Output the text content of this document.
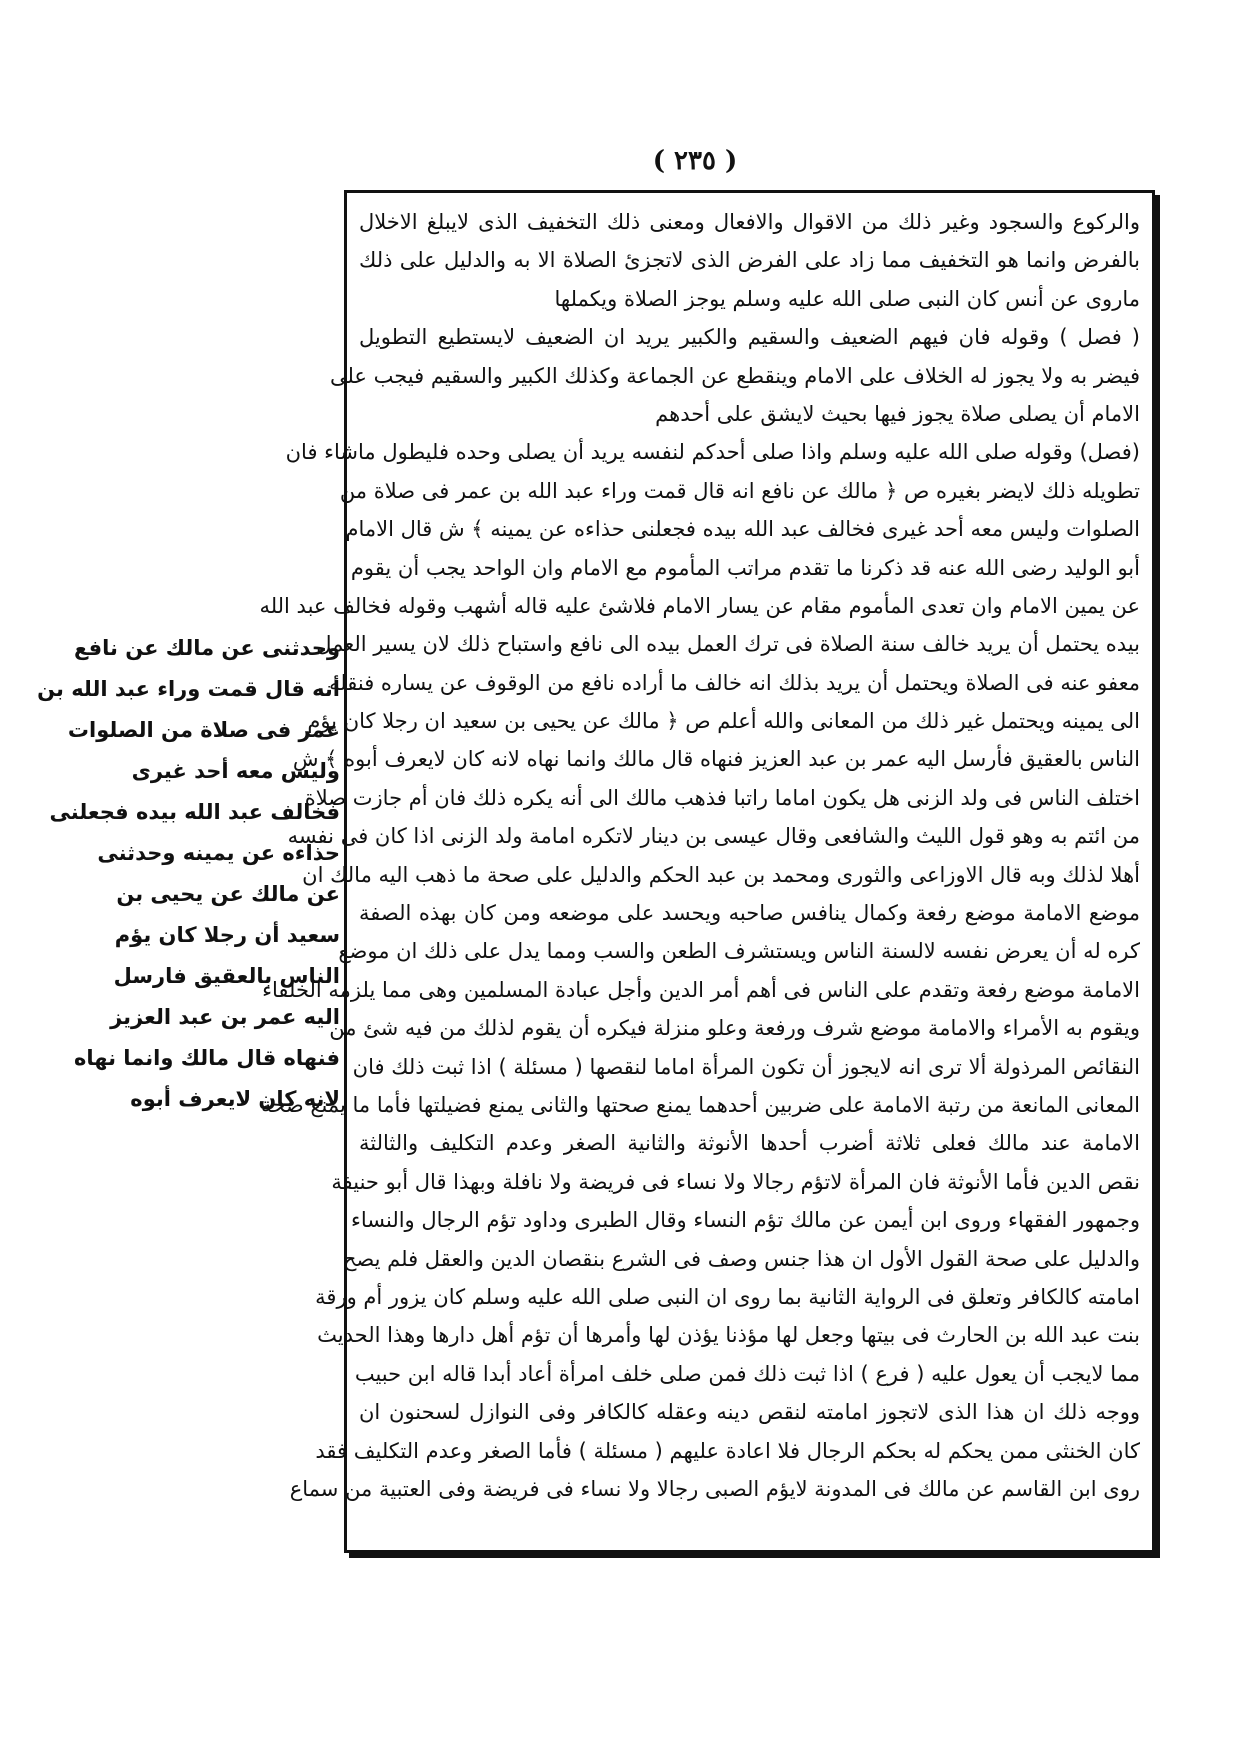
( ٢٣٥ )
والركوع والسجود وغير ذلك من الاقوال والافعال ومعنى ذلك التخفيف الذى لايبلغ الاخلال
بالفرض وانما هو التخفيف مما زاد على الفرض الذى لاتجزئ الصلاة الا به والدليل على ذلك
ماروى عن أنس كان النبى صلى الله عليه وسلم يوجز الصلاة ويكملها
( فصل ) وقوله فان فيهم الضعيف والسقيم والكبير يريد ان الضعيف لايستطيع التطويل
فيضر به ولا يجوز له الخلاف على الامام وينقطع عن الجماعة وكذلك الكبير والسقيم فيجب على
الامام أن يصلى صلاة يجوز فيها بحيث لايشق على أحدهم
(فصل) وقوله صلى الله عليه وسلم واذا صلى أحدكم لنفسه يريد أن يصلى وحده فليطول ماشاء فان
تطويله ذلك لايضر بغيره ص ﴿ مالك عن نافع انه قال قمت وراء عبد الله بن عمر فى صلاة من
الصلوات وليس معه أحد غيرى فخالف عبد الله بيده فجعلنى حذاءه عن يمينه ﴾ ش قال الامام
أبو الوليد رضى الله عنه قد ذكرنا ما تقدم مراتب المأموم مع الامام وان الواحد يجب أن يقوم
عن يمين الامام وان تعدى المأموم مقام عن يسار الامام فلاشئ عليه قاله أشهب وقوله فخالف عبد الله
بيده يحتمل أن يريد خالف سنة الصلاة فى ترك العمل بيده الى نافع واستباح ذلك لان يسير العمل
معفو عنه فى الصلاة ويحتمل أن يريد بذلك انه خالف ما أراده نافع من الوقوف عن يساره فنقله
الى يمينه ويحتمل غير ذلك من المعانى والله أعلم ص ﴿ مالك عن يحيى بن سعيد ان رجلا كان يؤم
الناس بالعقيق فأرسل اليه عمر بن عبد العزيز فنهاه قال مالك وانما نهاه لانه كان لايعرف أبوه ﴾ ش
اختلف الناس فى ولد الزنى هل يكون اماما راتبا فذهب مالك الى أنه يكره ذلك فان أم جازت صلاة
من ائتم به وهو قول الليث والشافعى وقال عيسى بن دينار لاتكره امامة ولد الزنى اذا كان فى نفسه
أهلا لذلك وبه قال الاوزاعى والثورى ومحمد بن عبد الحكم والدليل على صحة ما ذهب اليه مالك ان
موضع الامامة موضع رفعة وكمال ينافس صاحبه ويحسد على موضعه ومن كان بهذه الصفة
كره له أن يعرض نفسه لالسنة الناس ويستشرف الطعن والسب ومما يدل على ذلك ان موضع
الامامة موضع رفعة وتقدم على الناس فى أهم أمر الدين وأجل عبادة المسلمين وهى مما يلزمه الخلفاء
ويقوم به الأمراء والامامة موضع شرف ورفعة وعلو منزلة فيكره أن يقوم لذلك من فيه شئ من
النقائص المرذولة ألا ترى انه لايجوز أن تكون المرأة اماما لنقصها ( مسئلة ) اذا ثبت ذلك فان
المعانى المانعة من رتبة الامامة على ضربين أحدهما يمنع صحتها والثانى يمنع فضيلتها فأما ما يمنع صحة
الامامة عند مالك فعلى ثلاثة أضرب أحدها الأنوثة والثانية الصغر وعدم التكليف والثالثة
نقص الدين فأما الأنوثة فان المرأة لاتؤم رجالا ولا نساء فى فريضة ولا نافلة وبهذا قال أبو حنيفة
وجمهور الفقهاء وروى ابن أيمن عن مالك تؤم النساء وقال الطبرى وداود تؤم الرجال والنساء
والدليل على صحة القول الأول ان هذا جنس وصف فى الشرع بنقصان الدين والعقل فلم يصح
امامته كالكافر وتعلق فى الرواية الثانية بما روى ان النبى صلى الله عليه وسلم كان يزور أم ورقة
بنت عبد الله بن الحارث فى بيتها وجعل لها مؤذنا يؤذن لها وأمرها أن تؤم أهل دارها وهذا الحديث
مما لايجب أن يعول عليه ( فرع ) اذا ثبت ذلك فمن صلى خلف امرأة أعاد أبدا قاله ابن حبيب
ووجه ذلك ان هذا الذى لاتجوز امامته لنقص دينه وعقله كالكافر وفى النوازل لسحنون ان
كان الخنثى ممن يحكم له بحكم الرجال فلا اعادة عليهم ( مسئلة ) فأما الصغر وعدم التكليف فقد
روى ابن القاسم عن مالك فى المدونة لايؤم الصبى رجالا ولا نساء فى فريضة وفى العتبية من سماع
وحدثنى عن مالك عن نافع
أنه قال قمت وراء عبد الله بن
عمر فى صلاة من الصلوات
وليس معه أحد غيرى
فخالف عبد الله بيده فجعلنى
حذاءه عن يمينه وحدثنى
عن مالك عن يحيى بن
سعيد أن رجلا كان يؤم
الناس بالعقيق فارسل
اليه عمر بن عبد العزيز
فنهاه قال مالك وانما نهاه
لانه كان لايعرف أبوه
